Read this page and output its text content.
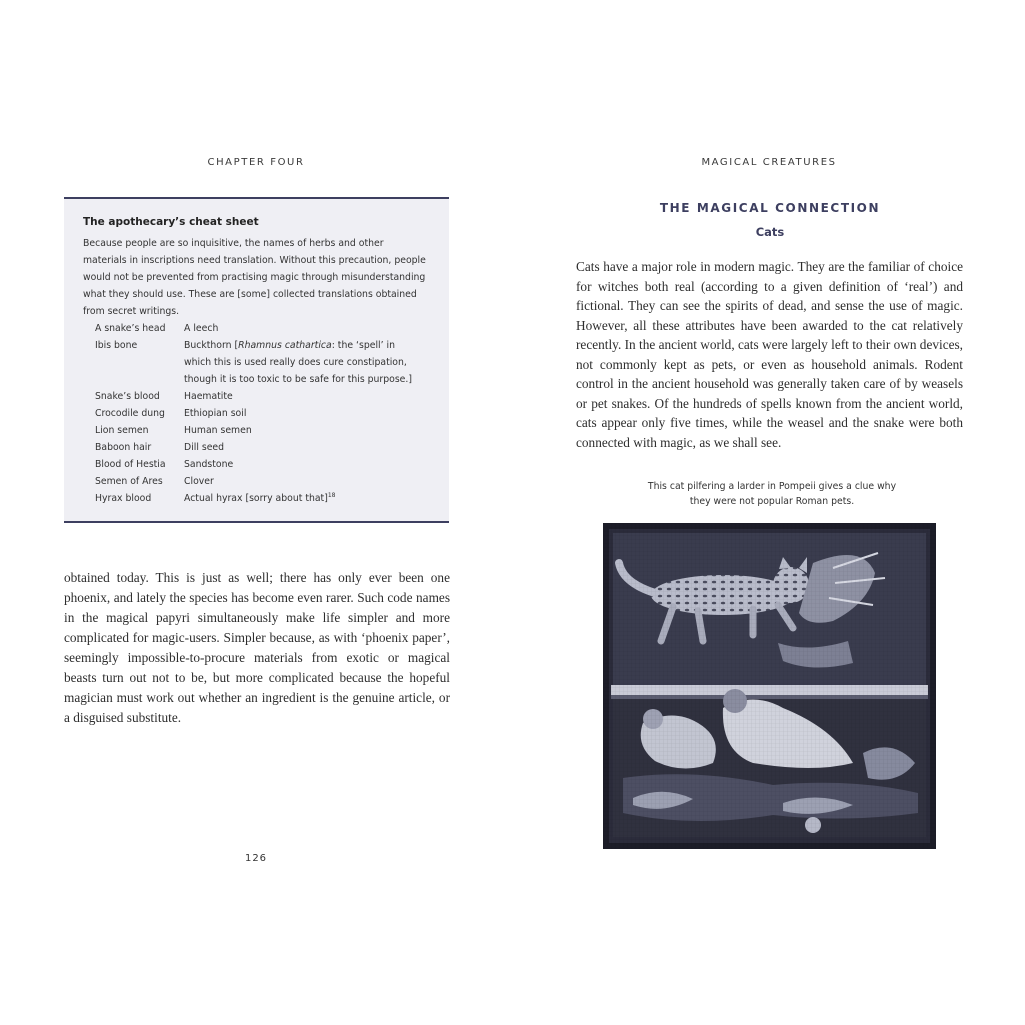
CHAPTER FOUR	MAGICAL CREATURES

The apothecary’s cheat sheet

Because people are so inquisitive, the names of herbs and other materials in inscriptions need translation. Without this precaution, people would not be prevented from practising magic through misunderstanding what they should use. These are [some] collected translations obtained from secret writings.

A snake’s head	A leech
Ibis bone	Buckthorn [Rhamnus cathartica: the ‘spell’ in which this is used really does cure constipation, though it is too toxic to be safe for this purpose.]
Snake’s blood	Haematite
Crocodile dung	Ethiopian soil
Lion semen	Human semen
Baboon hair	Dill seed
Blood of Hestia	Sandstone
Semen of Ares	Clover
Hyrax blood	Actual hyrax [sorry about that]$^{18}$

obtained today. This is just as well; there has only ever been one phoenix, and lately the species has become even rarer. Such code names in the magical papyri simultaneously make life simpler and more complicated for magic-users. Simpler because, as with ‘phoenix paper’, seemingly impossible-to-procure materials from exotic or magical beasts turn out not to be, but more complicated because the hopeful magician must work out whether an ingredient is the genuine article, or a disguised substitute.

126
THE MAGICAL CONNECTION
Cats

Cats have a major role in modern magic. They are the familiar of choice for witches both real (according to a given definition of ‘real’) and fictional. They can see the spirits of dead, and sense the use of magic. However, all these attributes have been awarded to the cat relatively recently. In the ancient world, cats were largely left to their own devices, not commonly kept as pets, or even as household animals. Rodent control in the ancient household was generally taken care of by weasels or pet snakes. Of the hundreds of spells known from the ancient world, cats appear only five times, while the weasel and the snake were both connected with magic, as we shall see.

This cat pilfering a larder in Pompeii gives a clue why they were not popular Roman pets.
